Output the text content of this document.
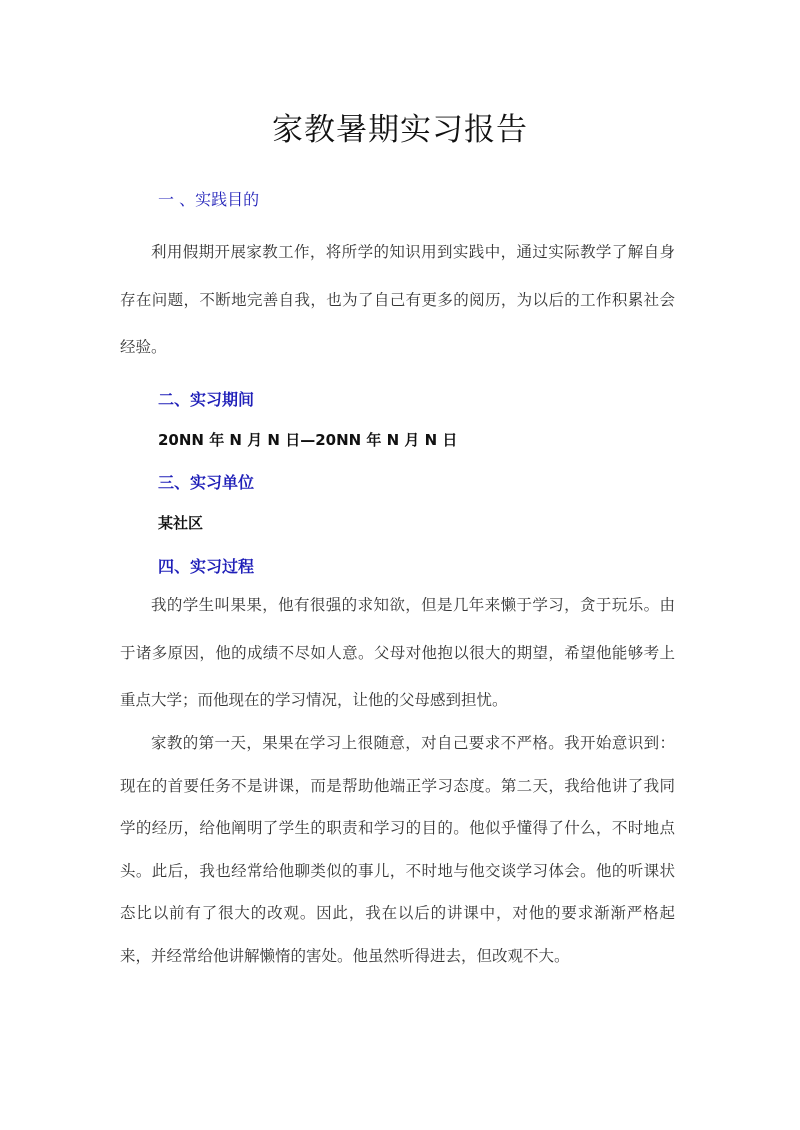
家教暑期实习报告
一 、实践目的

利用假期开展家教工作，将所学的知识用到实践中，通过实际教学了解自身存在问题，不断地完善自我，也为了自己有更多的阅历，为以后的工作积累社会经验。

二、实习期间

20NN 年 N 月 N 日—20NN 年 N 月 N 日

三、实习单位

某社区

四、实习过程

我的学生叫果果，他有很强的求知欲，但是几年来懒于学习，贪于玩乐。由于诸多原因，他的成绩不尽如人意。父母对他抱以很大的期望，希望他能够考上重点大学；而他现在的学习情况，让他的父母感到担忧。

家教的第一天，果果在学习上很随意，对自己要求不严格。我开始意识到：现在的首要任务不是讲课，而是帮助他端正学习态度。第二天，我给他讲了我同学的经历，给他阐明了学生的职责和学习的目的。他似乎懂得了什么，不时地点头。此后，我也经常给他聊类似的事儿，不时地与他交谈学习体会。他的听课状态比以前有了很大的改观。因此，我在以后的讲课中，对他的要求渐渐严格起来，并经常给他讲解懒惰的害处。他虽然听得进去，但改观不大。
